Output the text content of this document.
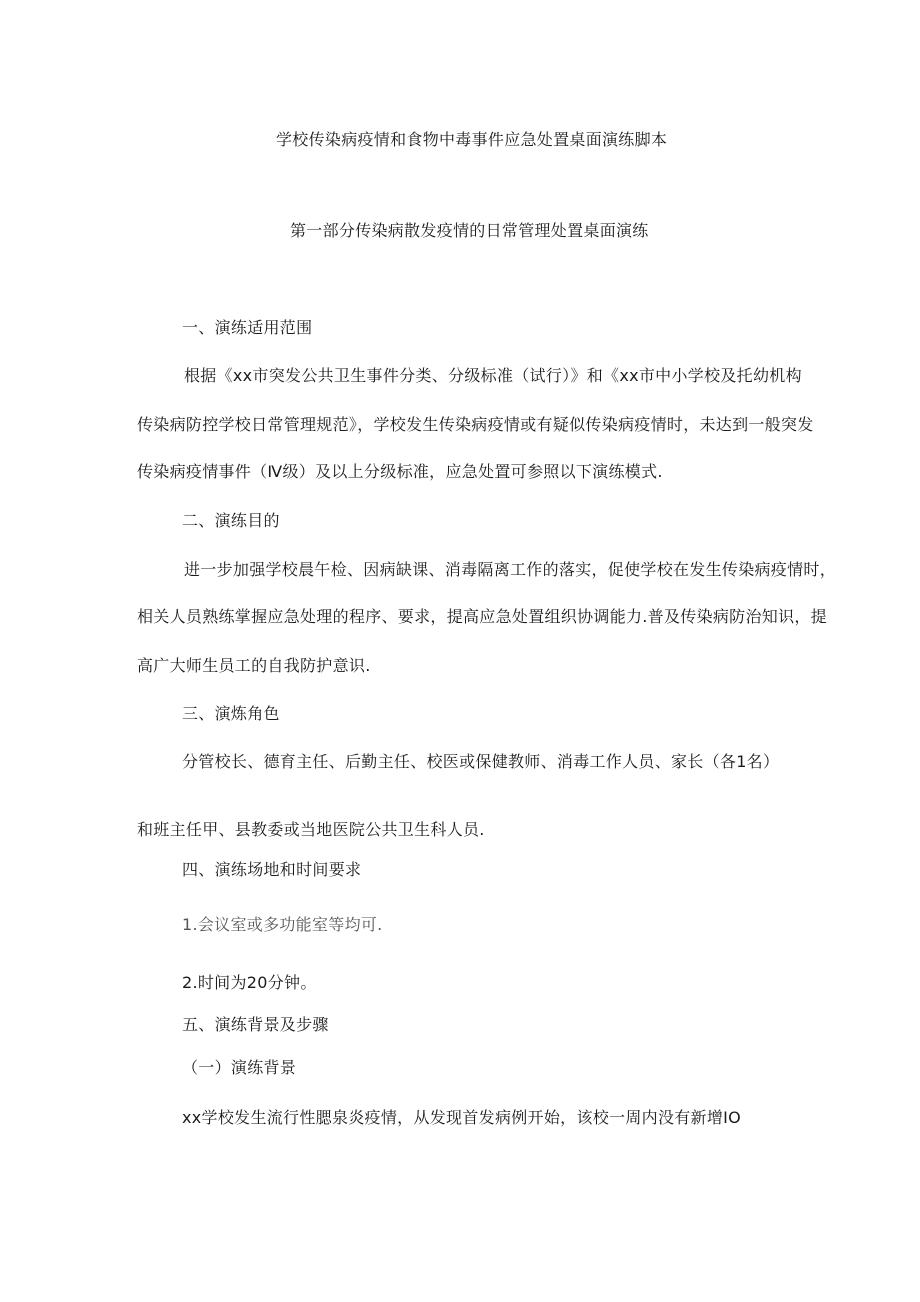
学校传染病疫情和食物中毒事件应急处置桌面演练脚本
第一部分传染病散发疫情的日常管理处置桌面演练
一、演练适用范围
根据《xx市突发公共卫生事件分类、分级标准（试行）》和《xx市中小学校及托幼机构
传染病防控学校日常管理规范》，学校发生传染病疫情或有疑似传染病疫情时，未达到一般突发
传染病疫情事件（Ⅳ级）及以上分级标准，应急处置可参照以下演练模式.
二、演练目的
进一步加强学校晨午检、因病缺课、消毒隔离工作的落实，促使学校在发生传染病疫情时，
相关人员熟练掌握应急处理的程序、要求，提高应急处置组织协调能力.普及传染病防治知识，提
高广大师生员工的自我防护意识.
三、演炼角色
分管校长、德育主任、后勤主任、校医或保健教师、消毒工作人员、家长（各1名）
和班主任甲、县教委或当地医院公共卫生科人员.
四、演练场地和时间要求
1.会议室或多功能室等均可.
2.时间为20分钟。
五、演练背景及步骤
（一）演练背景
xx学校发生流行性腮泉炎疫情，从发现首发病例开始，该校一周内没有新增IO
